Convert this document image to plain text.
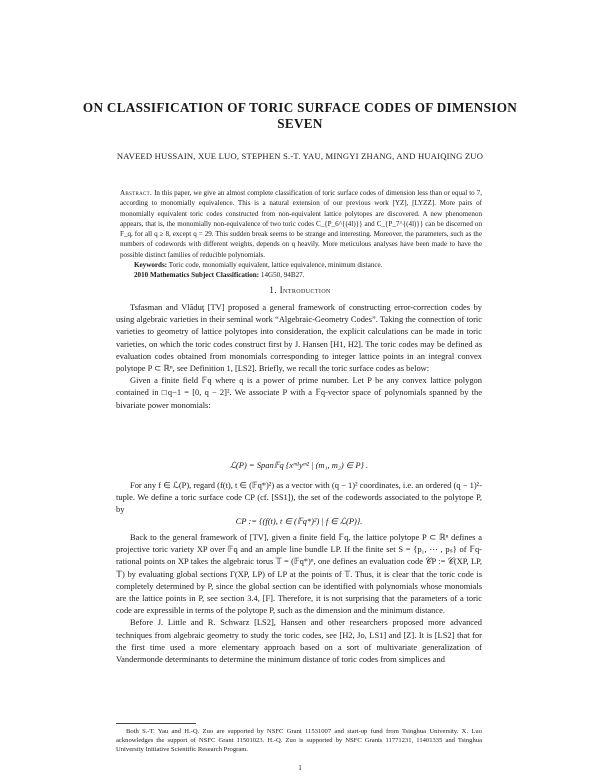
ON CLASSIFICATION OF TORIC SURFACE CODES OF DIMENSION SEVEN
NAVEED HUSSAIN, XUE LUO, STEPHEN S.-T. YAU, MINGYI ZHANG, AND HUAIQING ZUO
Abstract. In this paper, we give an almost complete classification of toric surface codes of dimension less than or equal to 7, according to monomially equivalence. This is a natural extension of our previous work [YZ], [LYZZ]. More pairs of monomially equivalent toric codes constructed from non-equivalent lattice polytopes are discovered. A new phenomenon appears, that is, the monomially non-equivalence of two toric codes C_{P_6^{(4l)}} and C_{P_7^{(4l)}} can be discerned on F_q, for all q ≥ 8, except q = 29. This sudden break seems to be strange and interesting. Moreover, the parameters, such as the numbers of codewords with different weights, depends on q heavily. More meticulous analyses have been made to have the possible distinct families of reducible polynomials.
Keywords: Toric code, monomially equivalent, lattice equivalence, minimum distance.
2010 Mathematics Subject Classification: 14G50, 94B27.
1. Introduction

Tsfasman and Vlăduţ [TV] proposed a general framework of constructing error-correction codes by using algebraic varieties in their seminal work “Algebraic-Geometry Codes”. Taking the connection of toric varieties to geometry of lattice polytopes into consideration, the explicit calculations can be made in toric varieties, on which the toric codes construct first by J. Hansen [H1, H2]. The toric codes may be defined as evaluation codes obtained from monomials corresponding to integer lattice points in an integral convex polytope P ⊂ ℝⁿ, see Definition 1, [LS2]. Briefly, we recall the toric surface codes as below:

Given a finite field 𝔽q where q is a power of prime number. Let P be any convex lattice polygon contained in □q−1 = [0, q − 2]². We associate P with a 𝔽q-vector space of polynomials spanned by the bivariate power monomials:

ℒ(P) = Span𝔽q {xᵐ¹yᵐ² | (m₁, m₂) ∈ P} .

For any f ∈ ℒ(P), regard (f(t), t ∈ (𝔽q*)²) as a vector with (q − 1)² coordinates, i.e. an ordered (q − 1)²-tuple. We define a toric surface code CP (cf. [SS1]), the set of the codewords associated to the polytope P, by

CP := {(f(t), t ∈ (𝔽q*)²) | f ∈ ℒ(P)}.

Back to the general framework of [TV], given a finite field 𝔽q, the lattice polytope P ⊂ ℝⁿ defines a projective toric variety XP over 𝔽q and an ample line bundle LP. If the finite set S = {p₁, ⋯ , pₛ} of 𝔽q-rational points on XP takes the algebraic torus 𝕋 = (𝔽q*)ⁿ, one defines an evaluation code 𝒞P := 𝒞(XP, LP, 𝕋) by evaluating global sections Γ(XP, LP) of LP at the points of 𝕋. Thus, it is clear that the toric code is completely determined by P, since the global section can be identified with polynomials whose monomials are the lattice points in P, see section 3.4, [F]. Therefore, it is not surprising that the parameters of a toric code are expressible in terms of the polytope P, such as the dimension and the minimum distance.

Before J. Little and R. Schwarz [LS2], Hansen and other researchers proposed more advanced techniques from algebraic geometry to study the toric codes, see [H2, Jo, LS1] and [Z]. It is [LS2] that for the first time used a more elementary approach based on a sort of multivariate generalization of Vandermonde determinants to determine the minimum distance of toric codes from simplices and

Both S.-T. Yau and H.-Q. Zuo are supported by NSFC Grant 11531007 and start-up fund from Tsinghua University. X. Luo acknowledges the support of NSFC Grant 11501023. H.-Q. Zuo is supported by NSFC Grants 11771231, 11401335 and Tsinghua University Initiative Scientific Research Program.

1
